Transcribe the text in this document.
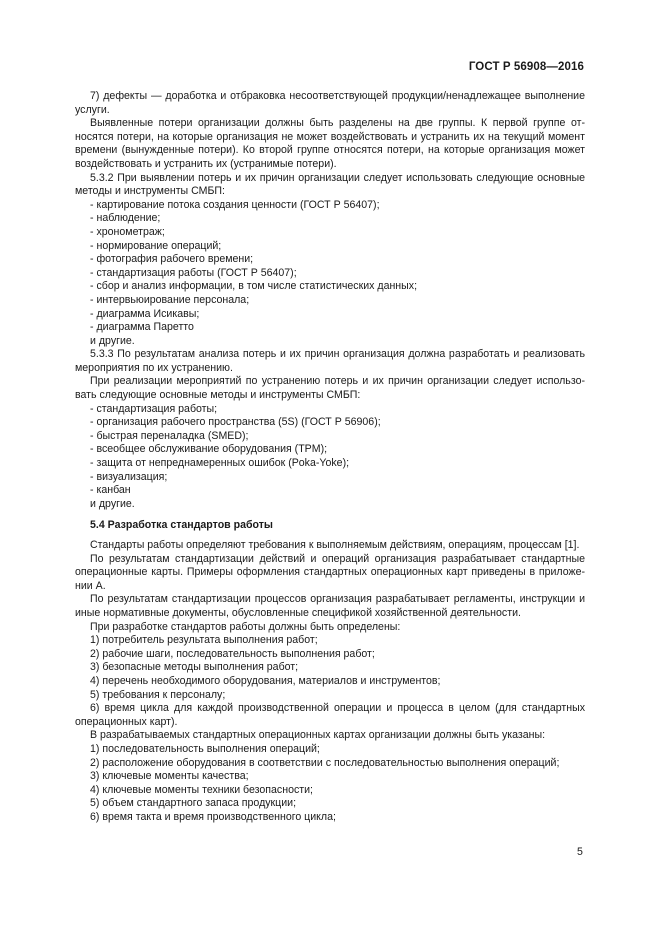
ГОСТ Р 56908—2016

7) дефекты — доработка и отбраковка несоответствующей продукции/ненадлежащее выполнение услуги.

Выявленные потери организации должны быть разделены на две группы. К первой группе относятся потери, на которые организация не может воздействовать и устранить их на текущий момент времени (вынужденные потери). Ко второй группе относятся потери, на которые организация может воздействовать и устранить их (устранимые потери).

5.3.2 При выявлении потерь и их причин организации следует использовать следующие основные методы и инструменты СМБП:

- картирование потока создания ценности (ГОСТ Р 56407);

- наблюдение;

- хронометраж;

- нормирование операций;

- фотография рабочего времени;

- стандартизация работы (ГОСТ Р 56407);

- сбор и анализ информации, в том числе статистических данных;

- интервьюирование персонала;

- диаграмма Исикавы;

- диаграмма Паретто

и другие.

5.3.3 По результатам анализа потерь и их причин организация должна разработать и реализовать мероприятия по их устранению.

При реализации мероприятий по устранению потерь и их причин организации следует использовать следующие основные методы и инструменты СМБП:

- стандартизация работы;

- организация рабочего пространства (5S) (ГОСТ Р 56906);

- быстрая переналадка (SMED);

- всеобщее обслуживание оборудования (TPM);

- защита от непреднамеренных ошибок (Poka-Yoke);

- визуализация;

- канбан

и другие.

5.4 Разработка стандартов работы

Стандарты работы определяют требования к выполняемым действиям, операциям, процессам [1].

По результатам стандартизации действий и операций организация разрабатывает стандартные операционные карты. Примеры оформления стандартных операционных карт приведены в приложении А.

По результатам стандартизации процессов организация разрабатывает регламенты, инструкции и иные нормативные документы, обусловленные спецификой хозяйственной деятельности.

При разработке стандартов работы должны быть определены:

1) потребитель результата выполнения работ;

2) рабочие шаги, последовательность выполнения работ;

3) безопасные методы выполнения работ;

4) перечень необходимого оборудования, материалов и инструментов;

5) требования к персоналу;

6) время цикла для каждой производственной операции и процесса в целом (для стандартных операционных карт).

В разрабатываемых стандартных операционных картах организации должны быть указаны:

1) последовательность выполнения операций;

2) расположение оборудования в соответствии с последовательностью выполнения операций;

3) ключевые моменты качества;

4) ключевые моменты техники безопасности;

5) объем стандартного запаса продукции;

6) время такта и время производственного цикла;

5
